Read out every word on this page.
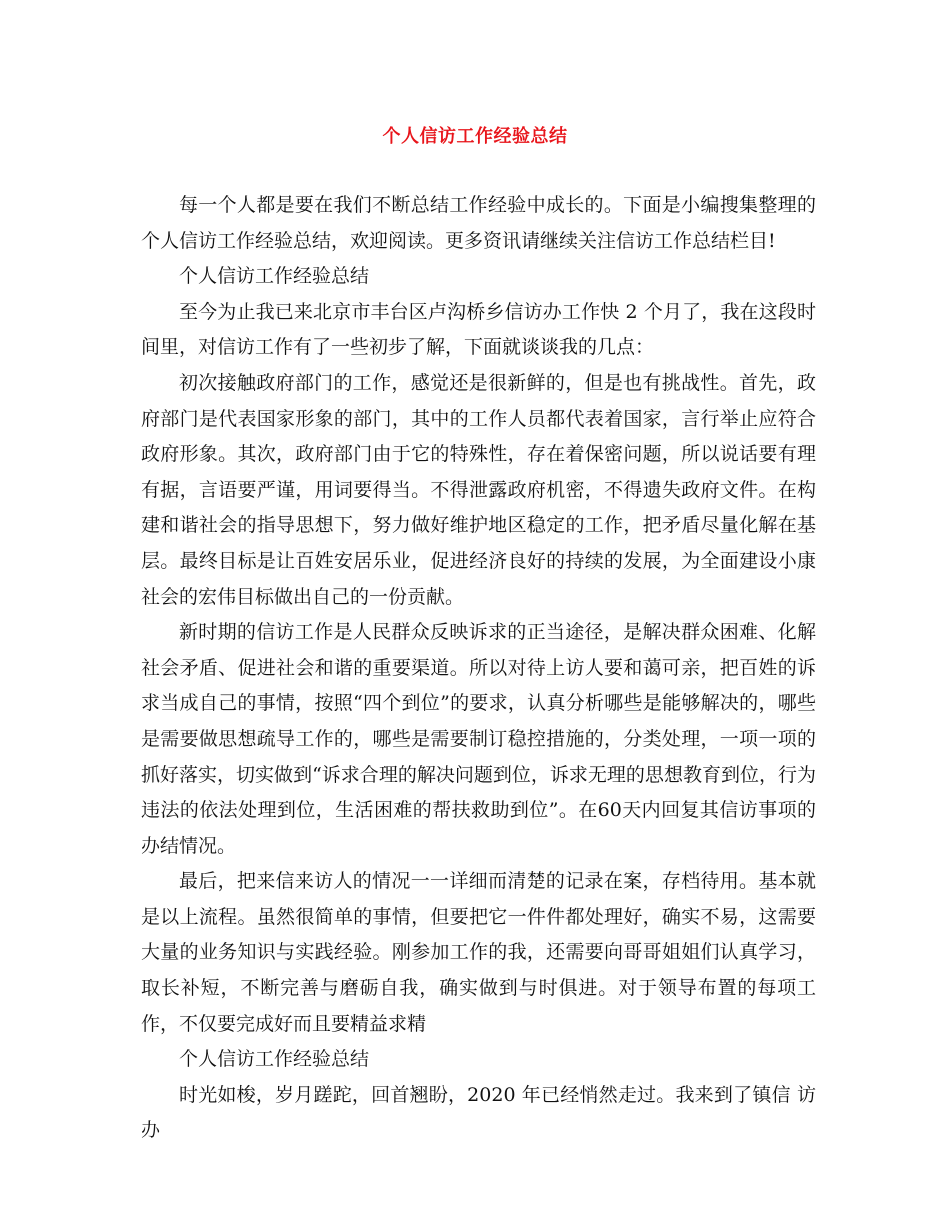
个人信访工作经验总结

每一个人都是要在我们不断总结工作经验中成长的。下面是小编搜集整理的个人信访工作经验总结，欢迎阅读。更多资讯请继续关注信访工作总结栏目!

个人信访工作经验总结

至今为止我已来北京市丰台区卢沟桥乡信访办工作快 2 个月了，我在这段时间里，对信访工作有了一些初步了解，下面就谈谈我的几点：

初次接触政府部门的工作，感觉还是很新鲜的，但是也有挑战性。首先，政府部门是代表国家形象的部门，其中的工作人员都代表着国家，言行举止应符合政府形象。其次，政府部门由于它的特殊性，存在着保密问题，所以说话要有理有据，言语要严谨，用词要得当。不得泄露政府机密，不得遗失政府文件。在构建和谐社会的指导思想下，努力做好维护地区稳定的工作，把矛盾尽量化解在基层。最终目标是让百姓安居乐业，促进经济良好的持续的发展，为全面建设小康社会的宏伟目标做出自己的一份贡献。

新时期的信访工作是人民群众反映诉求的正当途径，是解决群众困难、化解社会矛盾、促进社会和谐的重要渠道。所以对待上访人要和蔼可亲，把百姓的诉求当成自己的事情，按照“四个到位”的要求，认真分析哪些是能够解决的，哪些是需要做思想疏导工作的，哪些是需要制订稳控措施的，分类处理，一项一项的抓好落实，切实做到“诉求合理的解决问题到位，诉求无理的思想教育到位，行为违法的依法处理到位，生活困难的帮扶救助到位”。在60天内回复其信访事项的办结情况。

最后，把来信来访人的情况一一详细而清楚的记录在案，存档待用。基本就是以上流程。虽然很简单的事情，但要把它一件件都处理好，确实不易，这需要大量的业务知识与实践经验。刚参加工作的我，还需要向哥哥姐姐们认真学习，取长补短，不断完善与磨砺自我，确实做到与时俱进。对于领导布置的每项工作，不仅要完成好而且要精益求精

个人信访工作经验总结

时光如梭，岁月蹉跎，回首翘盼，2020 年已经悄然走过。我来到了镇信 访办
